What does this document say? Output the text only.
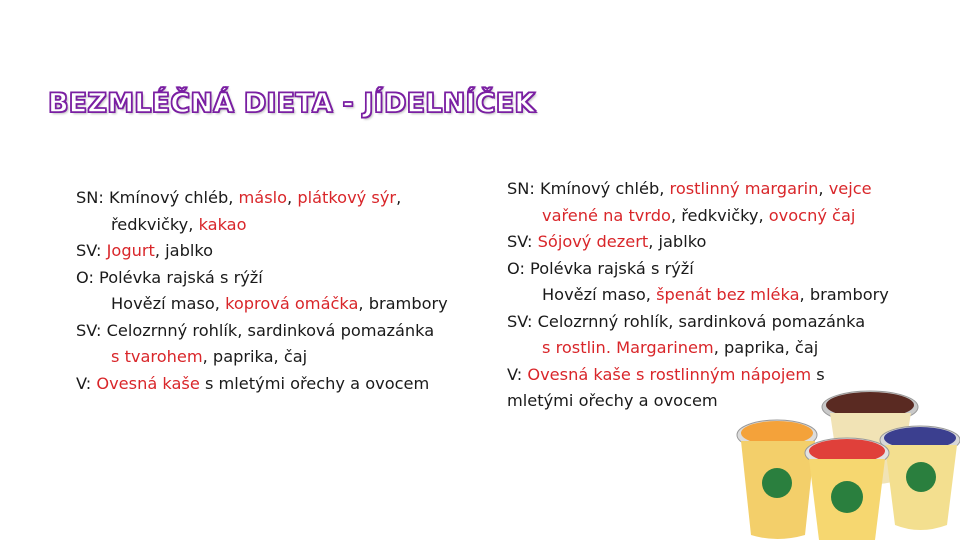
BEZMLÉČNÁ DIETA - JÍDELNÍČEK
SN: Kmínový chléb, máslo, plátkový sýr,
ředkvičky, kakao
SV: Jogurt, jablko
O: Polévka rajská s rýží
Hovězí maso, koprová omáčka, brambory
SV: Celozrnný rohlík, sardinková pomazánka
s tvarohem, paprika, čaj
V: Ovesná kaše s mletými ořechy a ovocem
SN: Kmínový chléb, rostlinný margarin, vejce
vařené na tvrdo, ředkvičky, ovocný čaj
SV: Sójový dezert, jablko
O: Polévka rajská s rýží
Hovězí maso, špenát bez mléka, brambory
SV: Celozrnný rohlík, sardinková pomazánka
s rostlin. Margarinem, paprika, čaj
V: Ovesná kaše s rostlinným nápojem s
mletými ořechy a ovocem
